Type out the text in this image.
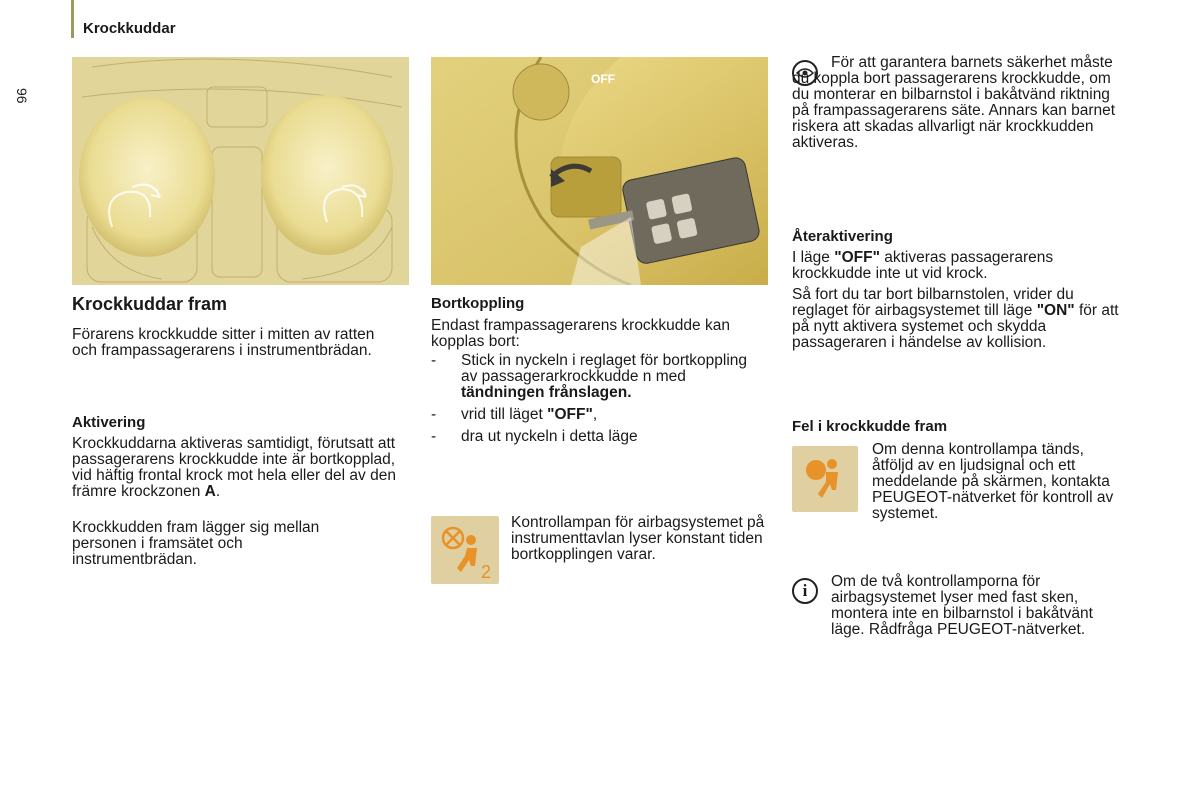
Krockkuddar
96
OFF
Krockkuddar fram
Förarens krockkudde sitter i mitten av ratten och frampassagerarens i instrumentbrädan.
Aktivering
Krockkuddarna aktiveras samtidigt, förutsatt att passagerarens krockkudde inte är bortkopplad, vid häftig frontal krock mot hela eller del av den främre krockzonen A.
Krockkudden fram lägger sig mellan personen i framsätet och instrumentbrädan.
Bortkoppling
Endast frampassagerarens krockkudde kan kopplas bort:
-	Stick in nyckeln i reglaget för bortkoppling av passagerarkrockkudde n med tändningen frånslagen.
-	vrid till läget "OFF",
-	dra ut nyckeln i detta läge
2
Kontrollampan för airbagsystemet på instrumenttavlan lyser konstant tiden bortkopplingen varar.
För att garantera barnets säkerhet måste du koppla bort passagerarens krockkudde, om du monterar en bilbarnstol i bakåtvänd riktning på frampassagerarens säte. Annars kan barnet riskera att skadas allvarligt när krockkudden aktiveras.
Återaktivering
I läge "OFF" aktiveras passagerarens krockkudde inte ut vid krock.
Så fort du tar bort bilbarnstolen, vrider du reglaget för airbagsystemet till läge "ON" för att på nytt aktivera systemet och skydda passageraren i händelse av kollision.
Fel i krockkudde fram
Om denna kontrollampa tänds, åtföljd av en ljudsignal och ett meddelande på skärmen, kontakta PEUGEOT-nätverket för kontroll av systemet.
i Om de två kontrollamporna för airbagsystemet lyser med fast sken, montera inte en bilbarnstol i bakåtvänt läge. Rådfråga PEUGEOT-nätverket.
